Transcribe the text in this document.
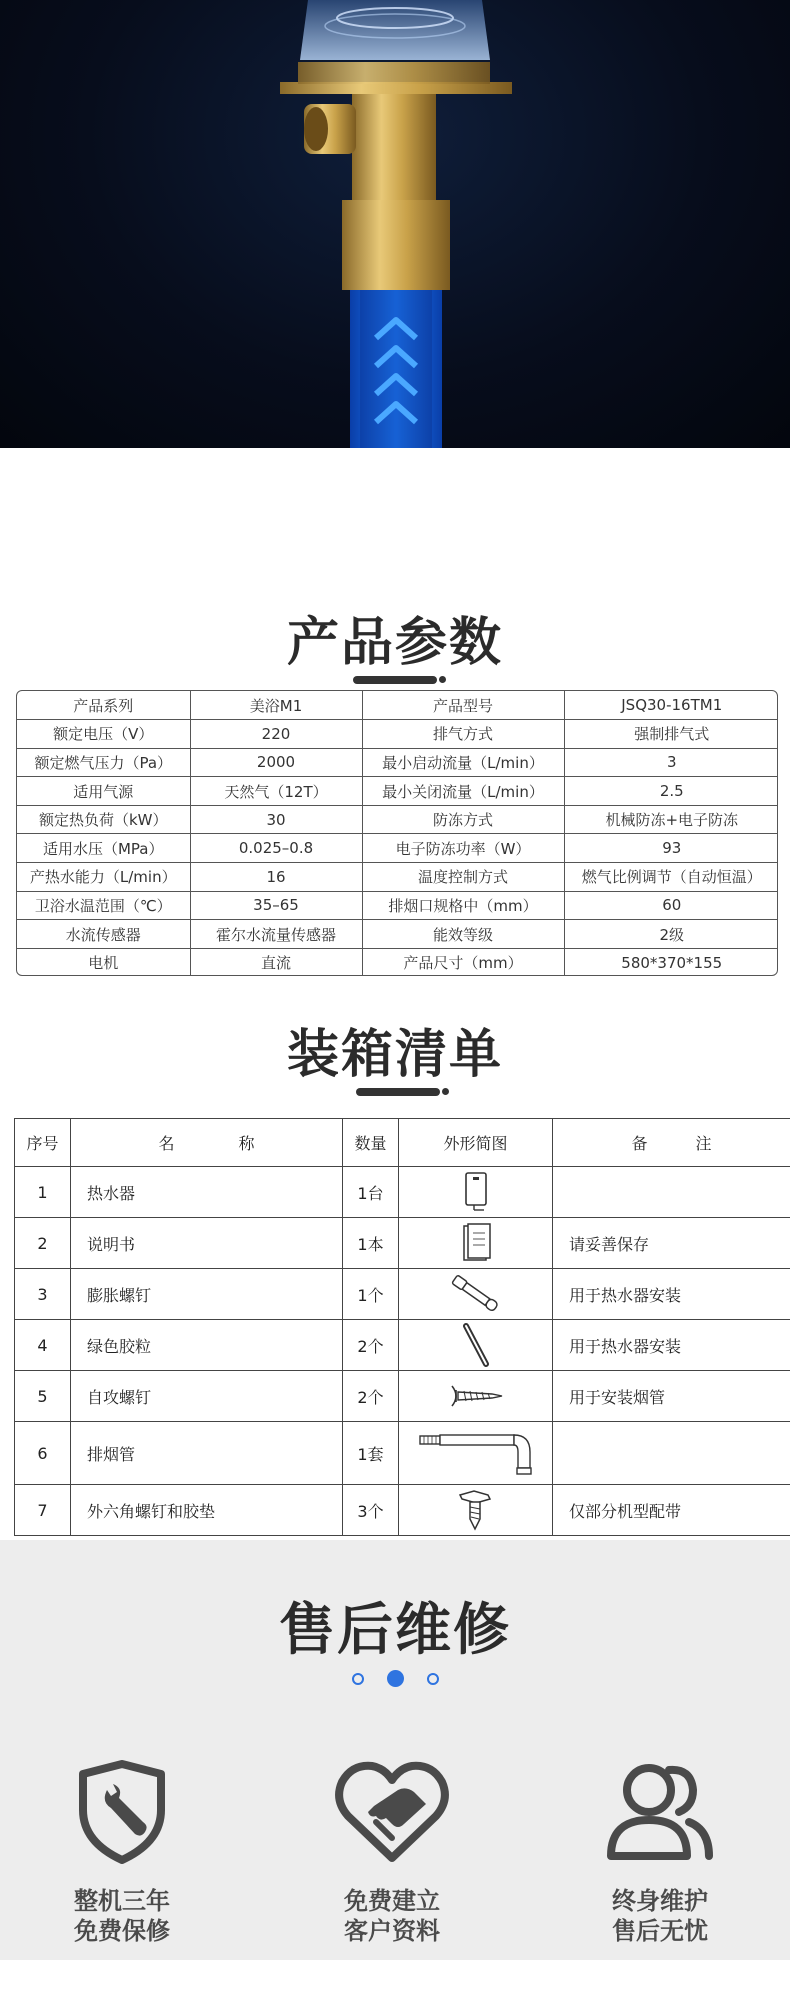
产品参数
产品系列	美浴M1	产品型号	JSQ30-16TM1
额定电压（V）	220	排气方式	强制排气式
额定燃气压力（Pa）	2000	最小启动流量（L/min）	3
适用气源	天然气（12T）	最小关闭流量（L/min）	2.5
额定热负荷（kW）	30	防冻方式	机械防冻+电子防冻
适用水压（MPa）	0.025–0.8	电子防冻功率（W）	93
产热水能力（L/min）	16	温度控制方式	燃气比例调节（自动恒温）
卫浴水温范围（℃）	35–65	排烟口规格中（mm）	60
水流传感器	霍尔水流量传感器	能效等级	2级
电机	直流	产品尺寸（mm）	580*370*155
装箱清单
序号	名　　　　称	数量	外形简图	备　　　注
1	热水器	1台	

2	说明书	1本		请妥善保存
3	膨胀螺钉	1个		用于热水器安装
4	绿色胶粒	2个		用于热水器安装
5	自攻螺钉	2个		用于安装烟管
6	排烟管	1套	

7	外六角螺钉和胶垫	3个		仅部分机型配带
售后维修
整机三年
免费保修
免费建立
客户资料
终身维护
售后无忧
